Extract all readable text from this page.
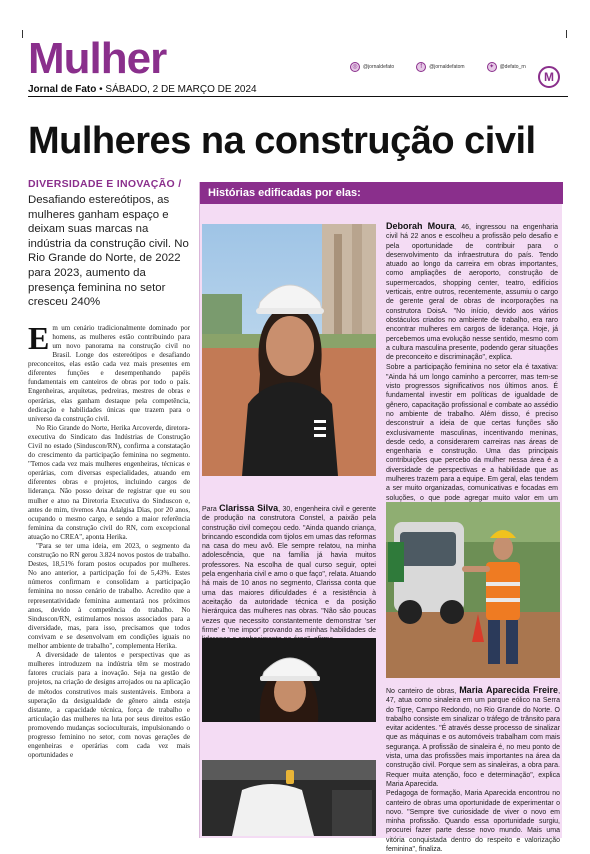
Mulher
Jornal de Fato • SÁBADO, 2 DE MARÇO DE 2024
◎	@jornaldefato	f	@jornaldefatom	✦	@defato_rn
M
Mulheres na construção civil
DIVERSIDADE E INOVAÇÃO /
Desafiando estereótipos, as mulheres ganham espaço e deixam suas marcas na indústria da construção civil. No Rio Grande do Norte, de 2022 para 2023, aumento da presença feminina no setor cresceu 240%

Em um cenário tradicionalmente dominado por homens, as mulheres estão contribuindo para um novo panorama na construção civil no Brasil. Longe dos estereótipos e desafiando preconceitos, elas estão cada vez mais presentes em diferentes funções e desempenhando papéis fundamentais em canteiros de obras por todo o país. Engenheiras, arquitetas, pedreiras, mestres de obras e operárias, elas ganham destaque pela competência, dedicação e habilidades únicas que trazem para o universo da construção civil.

No Rio Grande do Norte, Herika Arcoverde, diretora-executiva do Sindicato das Indústrias de Construção Civil no estado (Sinduscon/RN), confirma a constatação do crescimento da participação feminina no segmento. "Temos cada vez mais mulheres engenheiras, técnicas e operárias, com diversas especialidades, atuando em diferentes obras e projetos, incluindo cargos de liderança. Não posso deixar de registrar que eu sou mulher e atuo na Diretoria Executiva do Sinduscon e, antes de mim, tivemos Ana Adalgisa Dias, por 20 anos, ocupando o mesmo cargo, e sendo a maior referência feminina da construção civil do RN, com excepcional atuação no CREA", aponta Herika.

"Para se ter uma ideia, em 2023, o segmento da construção no RN gerou 3.824 novos postos de trabalho. Destes, 18,51% foram postos ocupados por mulheres. No ano anterior, a participação foi de 5,43%. Estes números confirmam e consolidam a participação feminina no nosso cenário de trabalho. Acredito que a representatividade feminina aumentará nos próximos anos, devido à competência do trabalho. No Sinduscon/RN, estimulamos nossos associados para a diversidade, mas, para isso, precisamos que todos convivam e se desenvolvam em condições iguais no melhor ambiente de trabalho", complementa Herika.

A diversidade de talentos e perspectivas que as mulheres introduzem na indústria têm se mostrado fatores cruciais para a inovação. Seja na gestão de projetos, na criação de designs arrojados ou na aplicação de métodos construtivos mais sustentáveis. Embora a superação da desigualdade de gênero ainda esteja distante, a capacidade técnica, força de trabalho e articulação das mulheres na luta por seus direitos estão promovendo mudanças socioculturais, impulsionando o progresso feminino no setor, com novas gerações de engenheiras e operárias com cada vez mais oportunidades e

Histórias edificadas por elas:

Deborah Moura, 46, ingressou na engenharia civil há 22 anos e escolheu a profissão pelo desafio e pela oportunidade de contribuir para o desenvolvimento da infraestrutura do país. Tendo atuado ao longo da carreira em obras importantes, como ampliações de aeroporto, construção de supermercados, shopping center, teatro, edifícios verticais, entre outros, recentemente, assumiu o cargo de gerente geral de obras de incorporações na construtora DoisA. "No início, devido aos vários obstáculos criados no ambiente de trabalho, era raro encontrar mulheres em cargos de liderança. Hoje, já percebemos uma evolução nesse sentido, mesmo com a cultura masculina presente, podendo gerar situações de preconceito e discriminação", explica.

Sobre a participação feminina no setor ela é taxativa: "Ainda há um longo caminho a percorrer, mas tem-se visto progressos significativos nos últimos anos. É fundamental investir em políticas de igualdade de gênero, capacitação profissional e combate ao assédio no ambiente de trabalho. Além disso, é preciso desconstruir a ideia de que certas funções são exclusivamente masculinas, incentivando meninas, desde cedo, a considerarem carreiras nas áreas de engenharia e construção. Uma das principais contribuições que percebo da mulher nessa área é a diversidade de perspectivas e a habilidade que as mulheres trazem para a equipe. Em geral, elas tendem a ser muito organizadas, comunicativas e focadas em soluções, o que pode agregar muito valor em um

Para Clarissa Silva, 30, engenheira civil e gerente de produção na construtora Constel, a paixão pela construção civil começou cedo. "Ainda quando criança, brincando escondida com tijolos em umas das reformas na casa do meu avô. Ele sempre relatou, na minha adolescência, que na família já havia muitos professores. Na escolha de qual curso seguir, optei pela engenharia civil e amo o que faço", relata. Atuando há mais de 10 anos no segmento, Clarissa conta que uma das maiores dificuldades é a resistência à aceitação da autoridade técnica e da posição hierárquica das mulheres nas obras. "Não são poucas vezes que necessito constantemente demonstrar 'ser firme' e 'me impor' provando as minhas habilidades de

No canteiro de obras, Maria Aparecida Freire, 47, atua como sinaleira em um parque eólico na Serra do Tigre, Campo Redondo, no Rio Grande do Norte. O trabalho consiste em sinalizar o tráfego de trânsito para evitar acidentes. "É através desse processo de sinalizar que as máquinas e os automóveis trabalham com mais segurança. A profissão de sinaleira é, no meu ponto de vista, uma das profissões mais importantes na área da construção civil. Porque sem as sinaleiras, a obra para. Requer muita atenção, foco e determinação", explica Maria Aparecida.

Pedagoga de formação, Maria Aparecida encontrou no canteiro de obras uma oportunidade de experimentar o novo. "Sempre tive curiosidade de viver o novo em minha profissão. Quando essa oportunidade surgiu, procurei fazer parte desse novo mundo. Mais uma vitória conquistada dentro do respeito e valorização feminina", finaliza.
